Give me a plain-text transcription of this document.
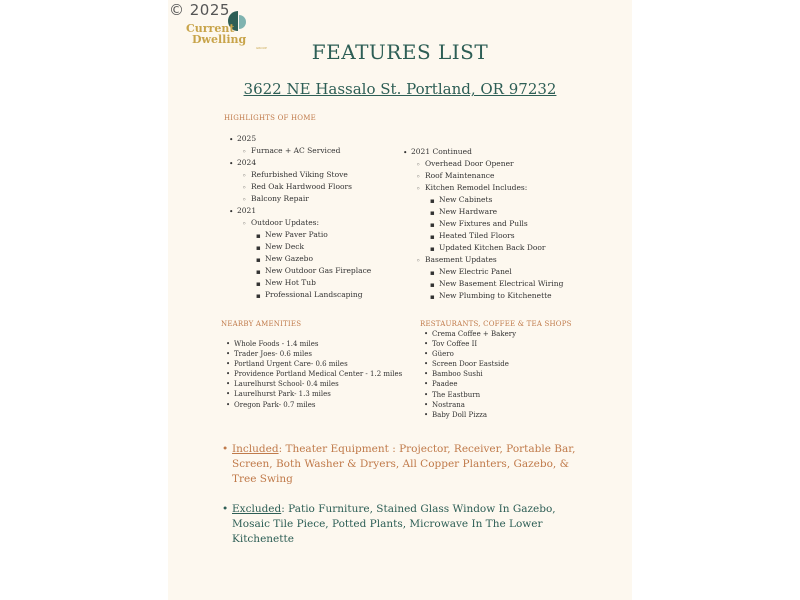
© 2025
Current
Dwelling
GROUP	FEATURES LIST
3622 NE Hassalo St. Portland, OR 97232
HIGHLIGHTS OF HOME
• 2025
◦ Furnace + AC Serviced
• 2024
◦ Refurbished Viking Stove
◦ Red Oak Hardwood Floors
◦ Balcony Repair
• 2021
◦ Outdoor Updates:
▪ New Paver Patio
▪ New Deck
▪ New Gazebo
▪ New Outdoor Gas Fireplace
▪ New Hot Tub
▪ Professional Landscaping
• 2021 Continued
◦ Overhead Door Opener
◦ Roof Maintenance
◦ Kitchen Remodel Includes:
▪ New Cabinets
▪ New Hardware
▪ New Fixtures and Pulls
▪ Heated Tiled Floors
▪ Updated Kitchen Back Door
◦ Basement Updates
▪ New Electric Panel
▪ New Basement Electrical Wiring
▪ New Plumbing to Kitchenette
NEARBY AMENITIES
• Whole Foods - 1.4 miles
• Trader Joes- 0.6 miles
• Portland Urgent Care- 0.6 miles
• Providence Portland Medical Center - 1.2 miles
• Laurelhurst School- 0.4 miles
• Laurelhurst Park- 1.3 miles
• Oregon Park- 0.7 miles
RESTAURANTS, COFFEE & TEA SHOPS
• Crema Coffee + Bakery
• Tov Coffee II
• Güero
• Screen Door Eastside
• Bamboo Sushi
• Paadee
• The Eastburn
• Nostrana
• Baby Doll Pizza
• Included: Theater Equipment : Projector, Receiver, Portable Bar, Screen, Both Washer & Dryers, All Copper Planters, Gazebo, & Tree Swing
• Excluded: Patio Furniture, Stained Glass Window In Gazebo, Mosaic Tile Piece, Potted Plants, Microwave In The Lower Kitchenette
